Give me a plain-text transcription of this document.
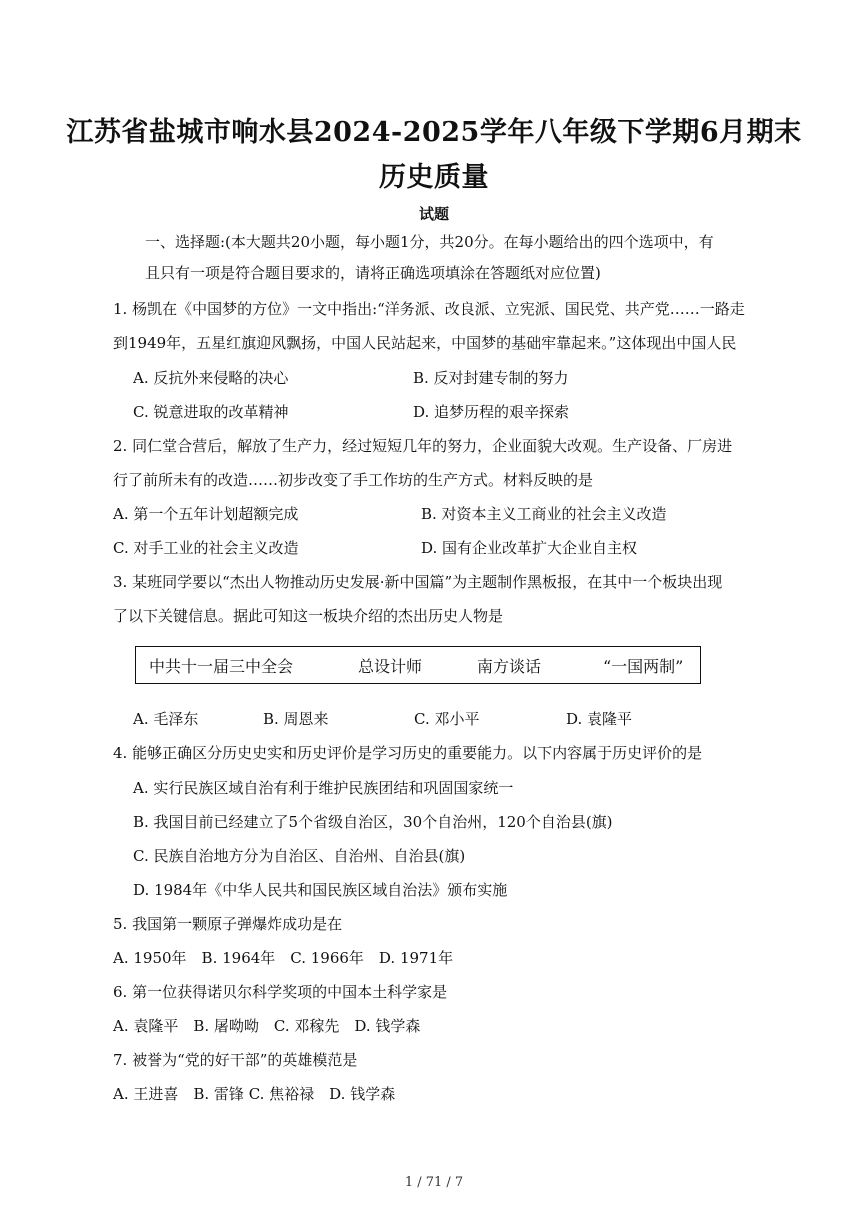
江苏省盐城市响水县2024-2025学年八年级下学期6月期末
历史质量
试题
一、选择题:(本大题共20小题，每小题1分，共20分。在每小题给出的四个选项中，有
且只有一项是符合题目要求的，请将正确选项填涂在答题纸对应位置)
1. 杨凯在《中国梦的方位》一文中指出:“洋务派、改良派、立宪派、国民党、共产党……一路走
到1949年，五星红旗迎风飘扬，中国人民站起来，中国梦的基础牢靠起来。”这体现出中国人民
A. 反抗外来侵略的决心	B. 反对封建专制的努力
C. 锐意进取的改革精神	D. 追梦历程的艰辛探索
2. 同仁堂合营后，解放了生产力，经过短短几年的努力，企业面貌大改观。生产设备、厂房进
行了前所未有的改造……初步改变了手工作坊的生产方式。材料反映的是
A. 第一个五年计划超额完成	B. 对资本主义工商业的社会主义改造
C. 对手工业的社会主义改造	D. 国有企业改革扩大企业自主权
3. 某班同学要以“杰出人物推动历史发展·新中国篇”为主题制作黑板报，在其中一个板块出现
了以下关键信息。据此可知这一板块介绍的杰出历史人物是
中共十一届三中全会	总设计师	南方谈话	“一国两制”
A. 毛泽东	B. 周恩来	C. 邓小平	D. 袁隆平
4. 能够正确区分历史史实和历史评价是学习历史的重要能力。以下内容属于历史评价的是
A. 实行民族区域自治有利于维护民族团结和巩固国家统一
B. 我国目前已经建立了5个省级自治区，30个自治州，120个自治县(旗)
C. 民族自治地方分为自治区、自治州、自治县(旗)
D. 1984年《中华人民共和国民族区域自治法》颁布实施
5. 我国第一颗原子弹爆炸成功是在
A. 1950年　B. 1964年　C. 1966年　D. 1971年
6. 第一位获得诺贝尔科学奖项的中国本土科学家是
A. 袁隆平　B. 屠呦呦　C. 邓稼先　D. 钱学森
7. 被誉为“党的好干部”的英雄模范是
A. 王进喜　B. 雷锋 C. 焦裕禄　D. 钱学森
1 / 71 / 7
